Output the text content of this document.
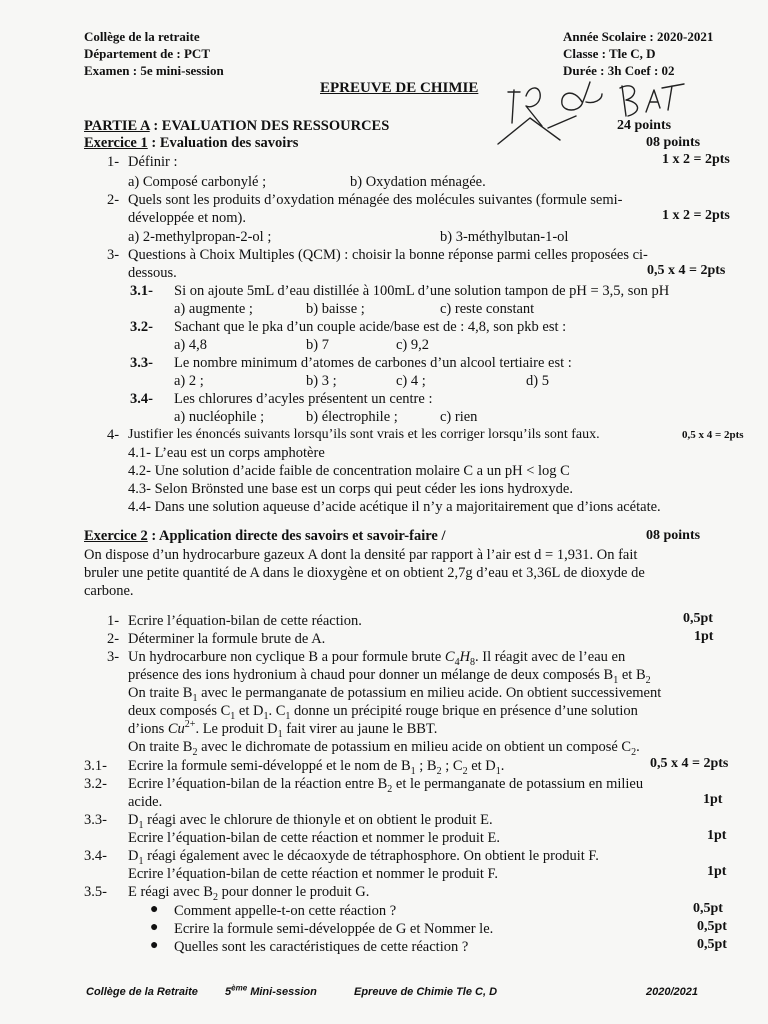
Collège de la retraite
Département de : PCT
Examen : 5e mini-session
Année Scolaire : 2020-2021
Classe : Tle C, D
Durée : 3h Coef : 02
EPREUVE DE CHIMIE
PARTIE A : EVALUATION DES RESSOURCES	24 points
Exercice 1 : Evaluation des savoirs	08 points
1- Définir :	1 x 2 = 2pts
a) Composé carbonylé ;	b) Oxydation ménagée.
2- Quels sont les produits d’oxydation ménagée des molécules suivantes (formule semi-
développée et nom).	1 x 2 = 2pts
a) 2-methylpropan-2-ol ;	b) 3-méthylbutan-1-ol
3- Questions à Choix Multiples (QCM) : choisir la bonne réponse parmi celles proposées ci-
dessous.	0,5 x 4 = 2pts
3.1- Si on ajoute 5mL d’eau distillée à 100mL d’une solution tampon de pH = 3,5, son pH
a) augmente ;	b) baisse ;	c) reste constant
3.2- Sachant que le pka d’un couple acide/base est de : 4,8, son pkb est :
a) 4,8	b) 7	c) 9,2
3.3- Le nombre minimum d’atomes de carbones d’un alcool tertiaire est :
a) 2 ;	b) 3 ;	c) 4 ;	d) 5
3.4- Les chlorures d’acyles présentent un centre :
a) nucléophile ;	b) électrophile ;	c) rien
4- Justifier les énoncés suivants lorsqu’ils sont vrais et les corriger lorsqu’ils sont faux.	0,5 x 4 = 2pts
4.1- L’eau est un corps amphotère
4.2- Une solution d’acide faible de concentration molaire C a un pH < log C
4.3- Selon Brönsted une base est un corps qui peut céder les ions hydroxyde.
4.4- Dans une solution aqueuse d’acide acétique il n’y a majoritairement que d’ions acétate.
Exercice 2 : Application directe des savoirs et savoir-faire /	08 points
On dispose d’un hydrocarbure gazeux A dont la densité par rapport à l’air est d = 1,931. On fait
bruler une petite quantité de A dans le dioxygène et on obtient 2,7g d’eau et 3,36L de dioxyde de
carbone.
1- Ecrire l’équation-bilan de cette réaction.	0,5pt
2- Déterminer la formule brute de A.	1pt
3- Un hydrocarbure non cyclique B a pour formule brute $C_4H_8$. Il réagit avec de l’eau en
présence des ions hydronium à chaud pour donner un mélange de deux composés $B_1$ et $B_2$
On traite $B_1$ avec le permanganate de potassium en milieu acide. On obtient successivement
deux composés $C_1$ et $D_1$. $C_1$ donne un précipité rouge brique en présence d’une solution
d’ions $Cu^{2+}$. Le produit $D_1$ fait virer au jaune le BBT.
On traite $B_2$ avec le dichromate de potassium en milieu acide on obtient un composé $C_2$.
3.1- Ecrire la formule semi-développé et le nom de $B_1$ ; $B_2$ ; $C_2$ et $D_1$.	0,5 x 4 = 2pts
3.2- Ecrire l’équation-bilan de la réaction entre $B_2$ et le permanganate de potassium en milieu
acide.	1pt
3.3- $D_1$ réagi avec le chlorure de thionyle et on obtient le produit E.
Ecrire l’équation-bilan de cette réaction et nommer le produit E.	1pt
3.4- $D_1$ réagi également avec le décaoxyde de tétraphosphore. On obtient le produit F.
Ecrire l’équation-bilan de cette réaction et nommer le produit F.	1pt
3.5- E réagi avec $B_2$ pour donner le produit G.
● Comment appelle-t-on cette réaction ?	0,5pt
● Ecrire la formule semi-développée de G et Nommer le.	0,5pt
● Quelles sont les caractéristiques de cette réaction ?	0,5pt
Collège de la Retraite 5ème Mini-session	Epreuve de Chimie Tle C, D	2020/2021
